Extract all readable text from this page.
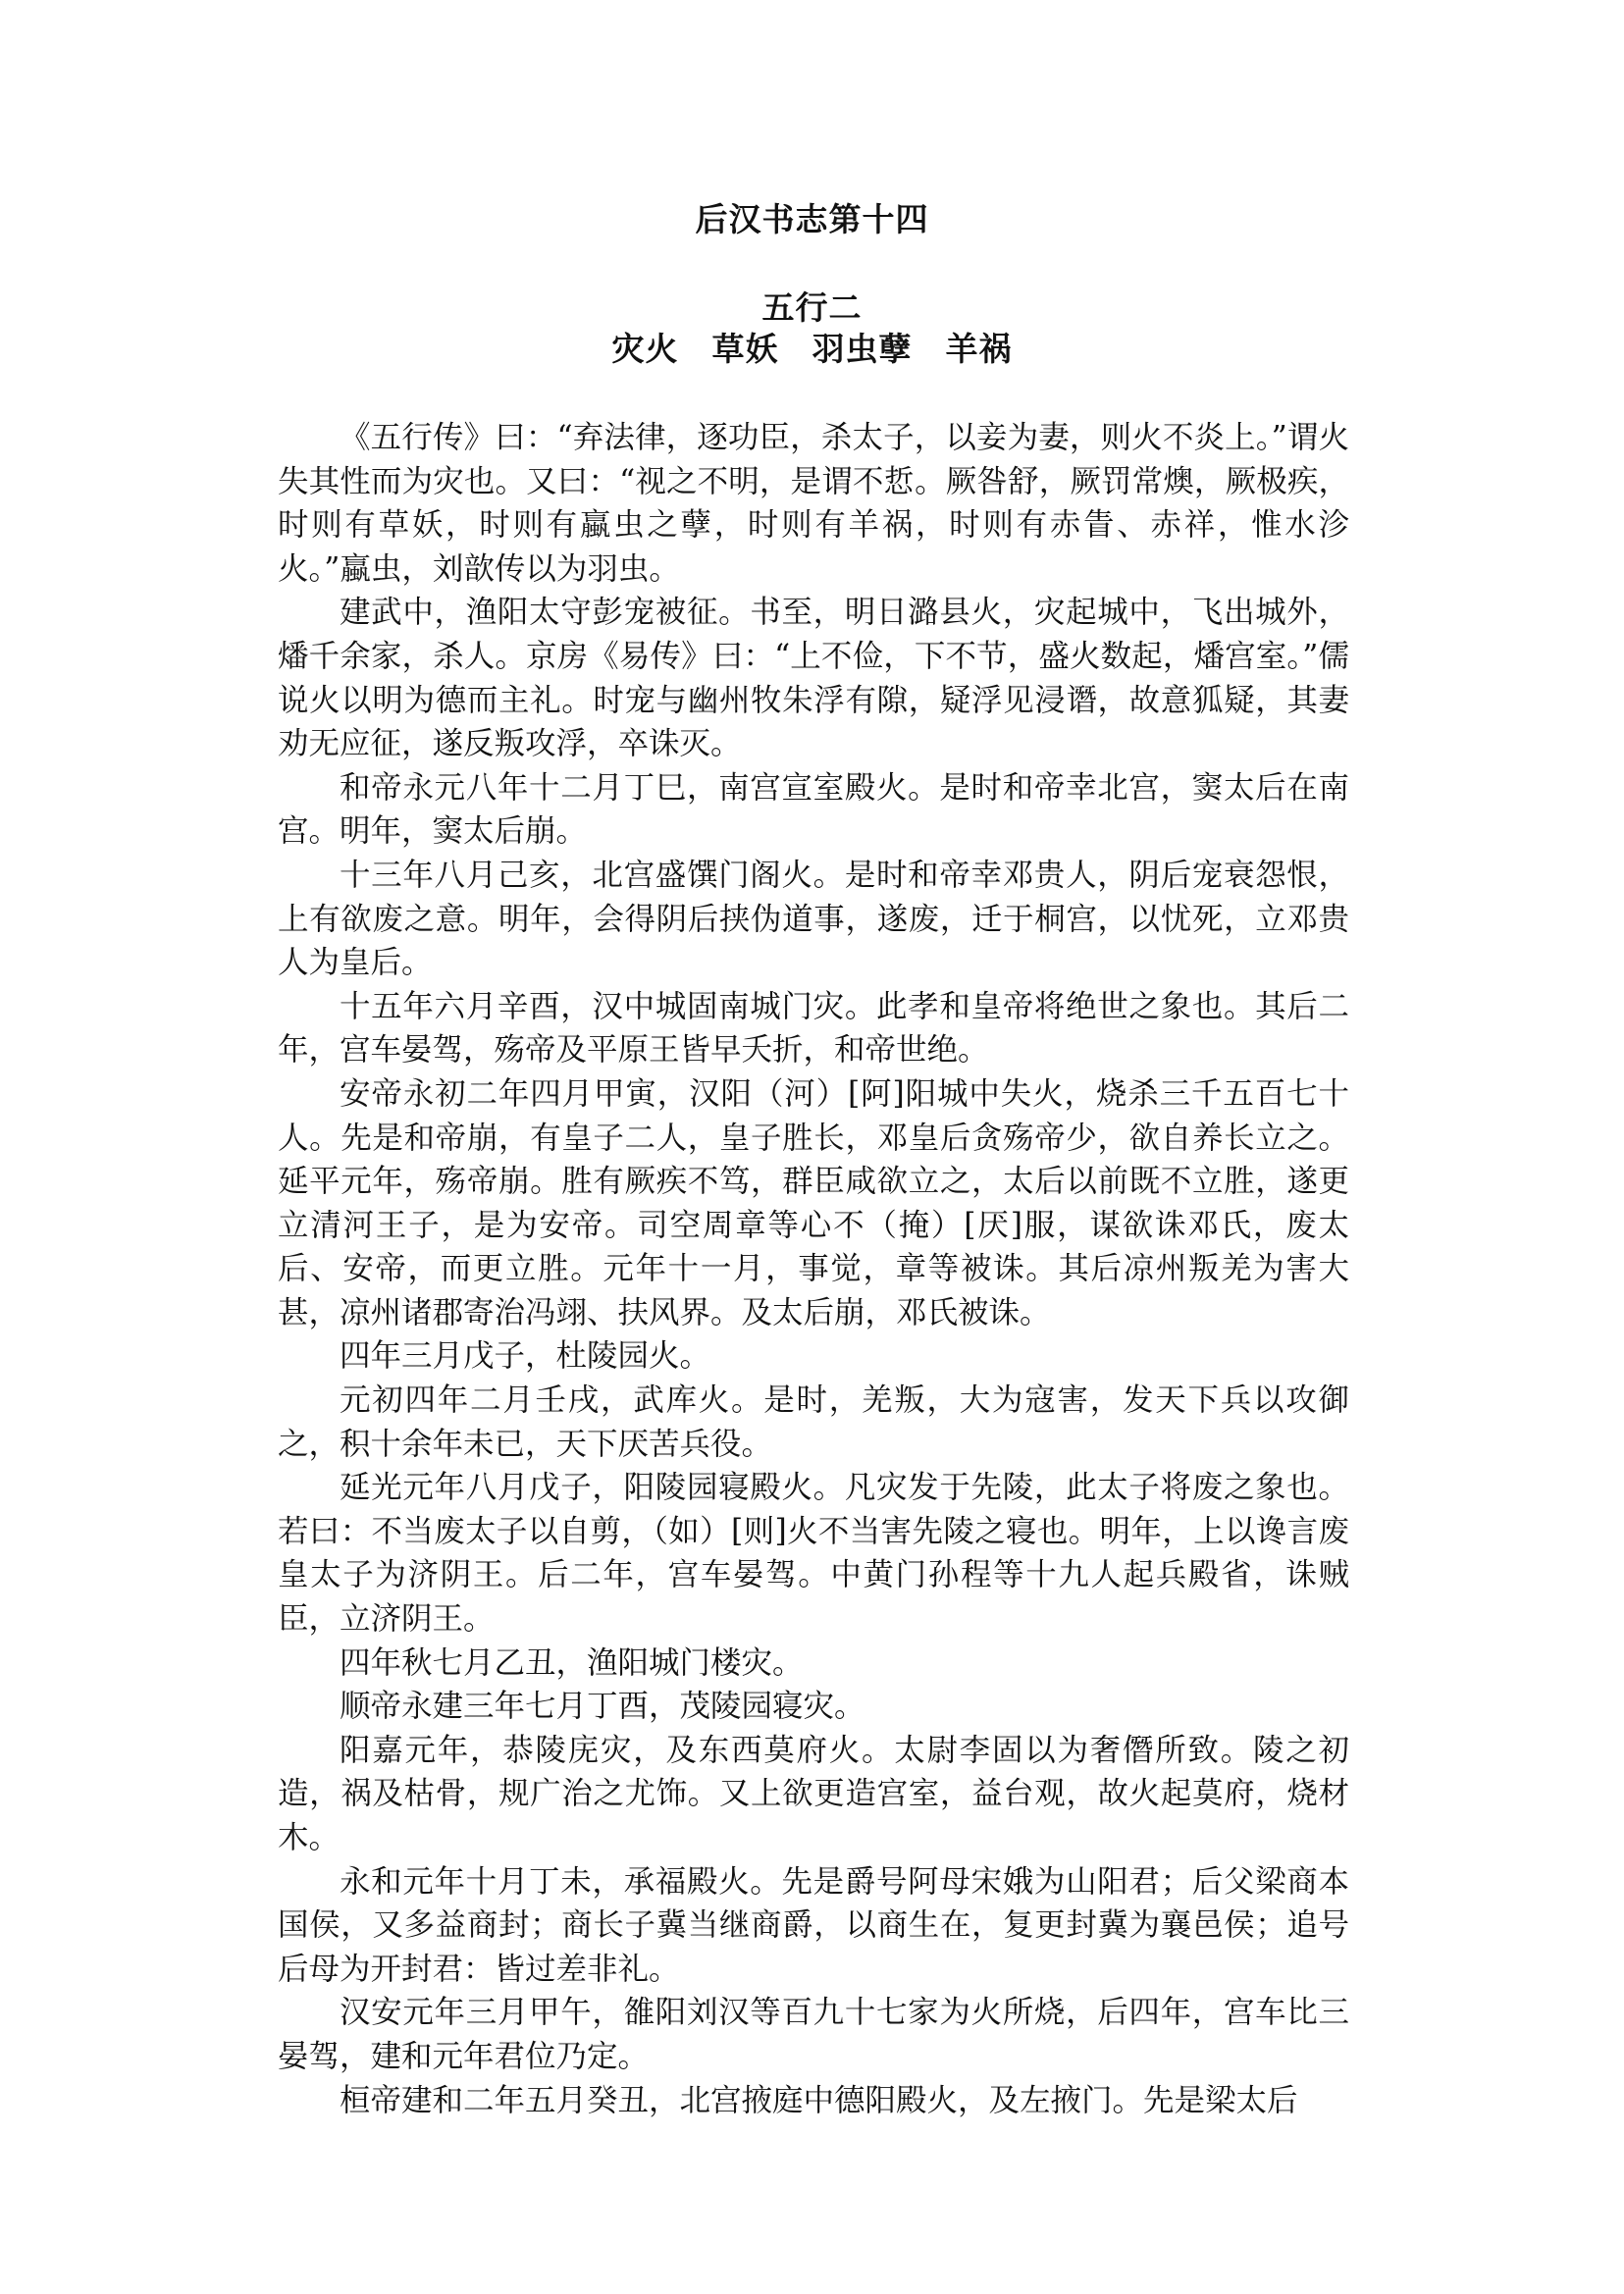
后汉书志第十四
五行二
灾火　草妖　羽虫孽　羊祸

《五行传》曰：“弃法律，逐功臣，杀太子，以妾为妻，则火不炎上。”谓火失其性而为灾也。又曰：“视之不明，是谓不悊。厥咎舒，厥罚常燠，厥极疾，时则有草妖，时则有蠃虫之孽，时则有羊祸，时则有赤眚、赤祥，惟水沴火。”蠃虫，刘歆传以为羽虫。

建武中，渔阳太守彭宠被征。书至，明日潞县火，灾起城中，飞出城外，燔千余家，杀人。京房《易传》曰：“上不俭，下不节，盛火数起，燔宫室。”儒说火以明为德而主礼。时宠与幽州牧朱浮有隙，疑浮见浸谮，故意狐疑，其妻劝无应征，遂反叛攻浮，卒诛灭。

和帝永元八年十二月丁巳，南宫宣室殿火。是时和帝幸北宫，窦太后在南宫。明年，窦太后崩。

十三年八月己亥，北宫盛馔门阁火。是时和帝幸邓贵人，阴后宠衰怨恨，上有欲废之意。明年，会得阴后挟伪道事，遂废，迁于桐宫，以忧死，立邓贵人为皇后。

十五年六月辛酉，汉中城固南城门灾。此孝和皇帝将绝世之象也。其后二年，宫车晏驾，殇帝及平原王皆早夭折，和帝世绝。

安帝永初二年四月甲寅，汉阳（河）[阿]阳城中失火，烧杀三千五百七十人。先是和帝崩，有皇子二人，皇子胜长，邓皇后贪殇帝少，欲自养长立之。延平元年，殇帝崩。胜有厥疾不笃，群臣咸欲立之，太后以前既不立胜，遂更立清河王子，是为安帝。司空周章等心不（掩）[厌]服，谋欲诛邓氏，废太后、安帝，而更立胜。元年十一月，事觉，章等被诛。其后凉州叛羌为害大甚，凉州诸郡寄治冯翊、扶风界。及太后崩，邓氏被诛。

四年三月戊子，杜陵园火。

元初四年二月壬戌，武库火。是时，羌叛，大为寇害，发天下兵以攻御之，积十余年未已，天下厌苦兵役。

延光元年八月戊子，阳陵园寝殿火。凡灾发于先陵，此太子将废之象也。若曰：不当废太子以自剪，（如）[则]火不当害先陵之寝也。明年，上以谗言废皇太子为济阴王。后二年，宫车晏驾。中黄门孙程等十九人起兵殿省，诛贼臣，立济阴王。

四年秋七月乙丑，渔阳城门楼灾。

顺帝永建三年七月丁酉，茂陵园寝灾。

阳嘉元年，恭陵庑灾，及东西莫府火。太尉李固以为奢僭所致。陵之初造，祸及枯骨，规广治之尤饰。又上欲更造宫室，益台观，故火起莫府，烧材木。

永和元年十月丁未，承福殿火。先是爵号阿母宋娥为山阳君；后父梁商本国侯，又多益商封；商长子冀当继商爵，以商生在，复更封冀为襄邑侯；追号后母为开封君：皆过差非礼。

汉安元年三月甲午，雒阳刘汉等百九十七家为火所烧，后四年，宫车比三晏驾，建和元年君位乃定。

桓帝建和二年五月癸丑，北宫掖庭中德阳殿火，及左掖门。先是梁太后
